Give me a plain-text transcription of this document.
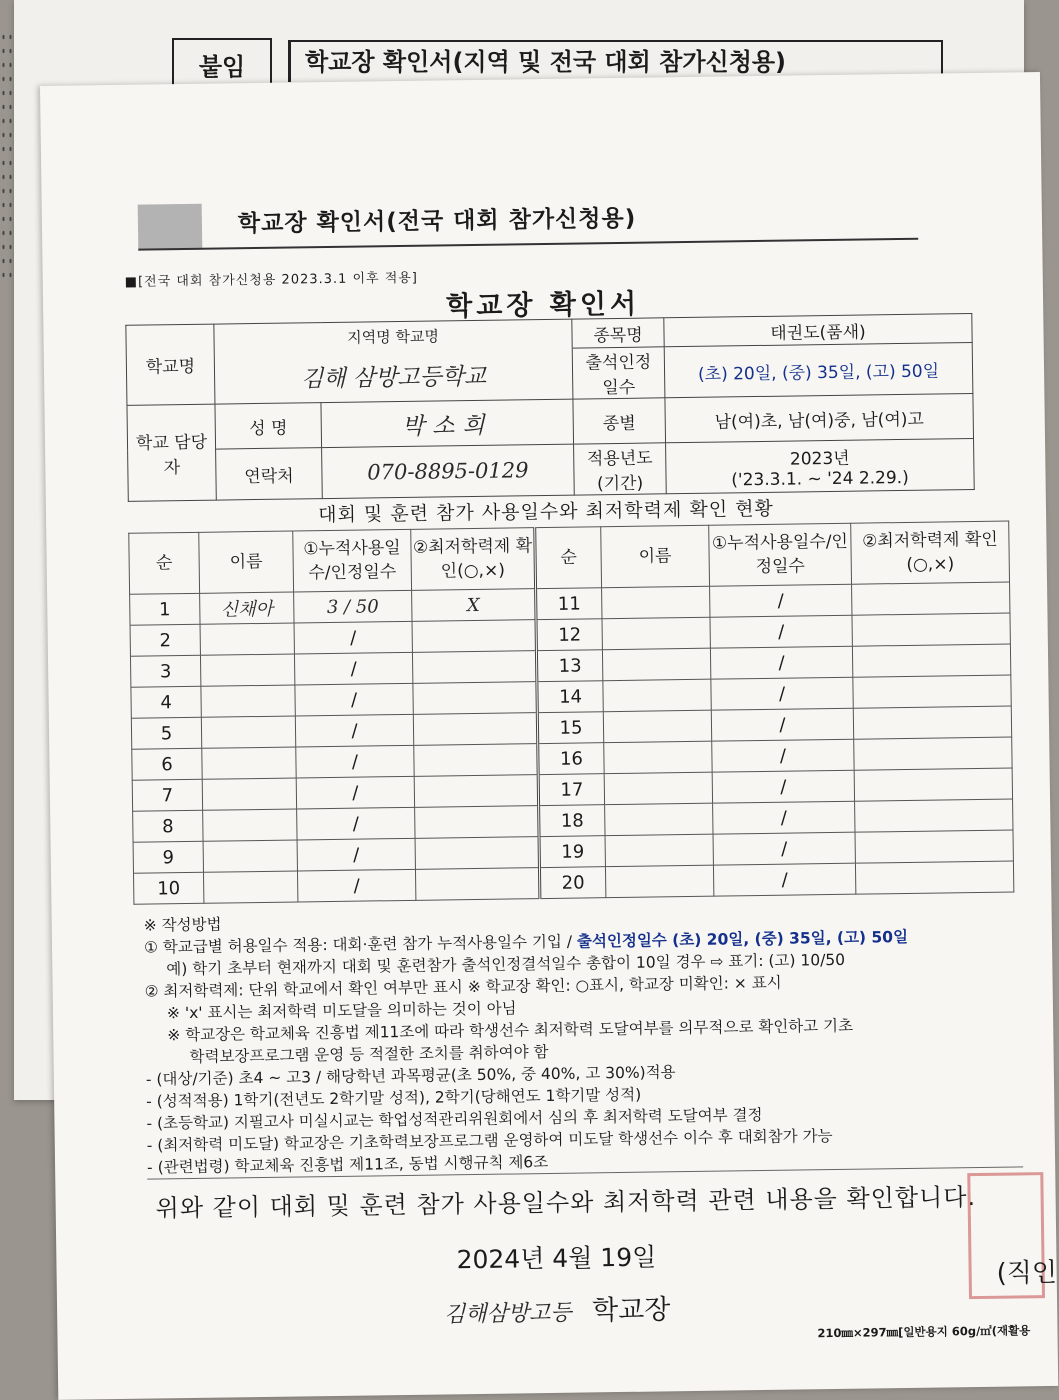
붙임	학교장 확인서(지역 및 전국 대회 참가신청용)
학교장 확인서(전국 대회 참가신청용)
■[전국 대회 참가신청용 2023.3.1 이후 적용]
학교장 확인서
학교명	지역명 학교명		종목명	태권도(품새)
	김해 삼방고등학교		출석인정 일수	(초) 20일, (중) 35일, (고) 50일
학교 담당자	성 명	박소희	종별	남(여)초, 남(여)중, 남(여)고
	연락처	070-8895-0129	적용년도 (기간)	2023년
('23.3.1. ~ '24 2.29.)
대회 및 훈련 참가 사용일수와 최저학력제 확인 현황
순	이름	①누적사용일수/인정일수	②최저학력제 확인(○,×)	순	이름	①누적사용일수/인정일수	②최저학력제 확인(○,×)
1	신채아	3 / 50	X	11		/	
2		/		12		/	
3		/		13		/	
4		/		14		/	
5		/		15		/	
6		/		16		/	
7		/		17		/	
8		/		18		/	
9		/		19		/	
10		/		20		/	
※ 작성방법
① 학교급별 허용일수 적용: 대회·훈련 참가 누적사용일수 기입 / 출석인정일수 (초) 20일, (중) 35일, (고) 50일
예) 학기 초부터 현재까지 대회 및 훈련참가 출석인정결석일수 총합이 10일 경우 ⇨ 표기: (고) 10/50
② 최저학력제: 단위 학교에서 확인 여부만 표시 ※ 학교장 확인: ○표시, 학교장 미확인: × 표시
※ 'x' 표시는 최저학력 미도달을 의미하는 것이 아님
※ 학교장은 학교체육 진흥법 제11조에 따라 학생선수 최저학력 도달여부를 의무적으로 확인하고 기초
학력보장프로그램 운영 등 적절한 조치를 취하여야 함
- (대상/기준) 초4 ~ 고3 / 해당학년 과목평균(초 50%, 중 40%, 고 30%)적용
- (성적적용) 1학기(전년도 2학기말 성적), 2학기(당해연도 1학기말 성적)
- (초등학교) 지필고사 미실시교는 학업성적관리위원회에서 심의 후 최저학력 도달여부 결정
- (최저학력 미도달) 학교장은 기초학력보장프로그램 운영하여 미도달 학생선수 이수 후 대회참가 가능
- (관련법령) 학교체육 진흥법 제11조, 동법 시행규칙 제6조
위와 같이 대회 및 훈련 참가 사용일수와 최저학력 관련 내용을 확인합니다.
2024년 4월 19일
김해삼방고등 학교장
(직인
210㎜×297㎜[일반용지 60g/㎡(재활용
